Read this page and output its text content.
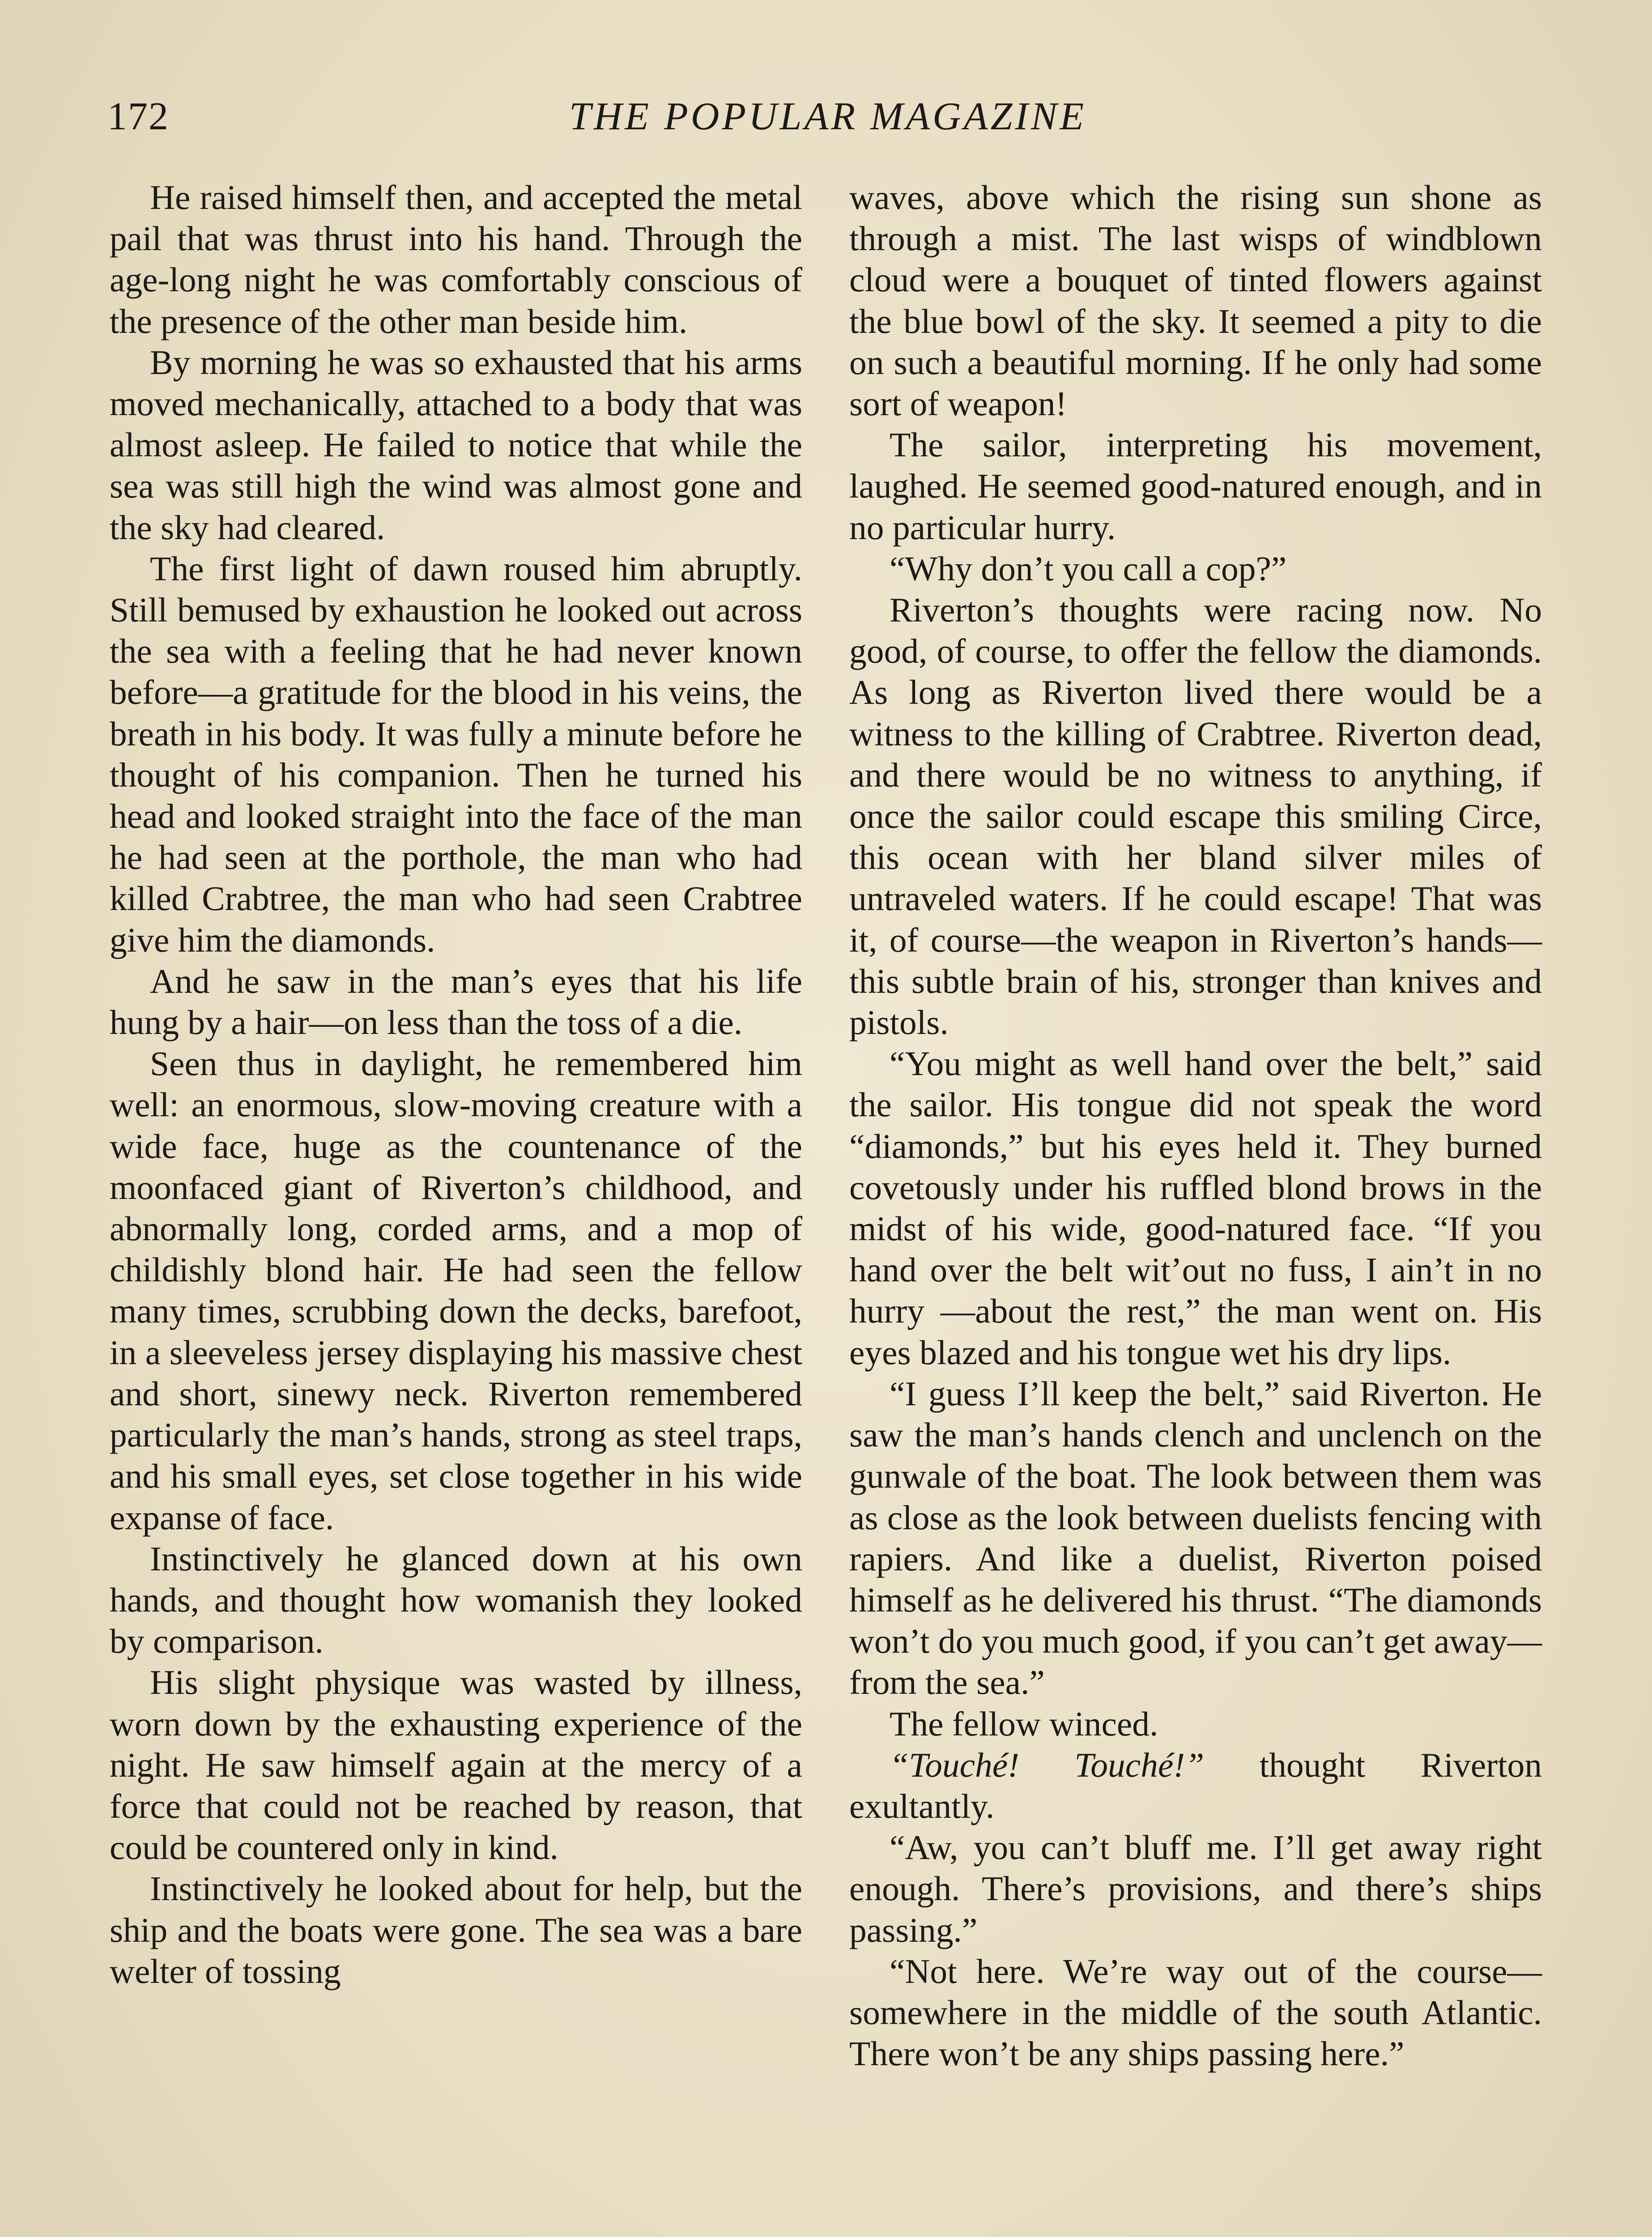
172	THE POPULAR MAGAZINE

He raised himself then, and accepted the metal pail that was thrust into his hand. Through the age-long night he was comfortably conscious of the presence of the other man beside him.

By morning he was so exhausted that his arms moved mechanically, attached to a body that was almost asleep. He failed to notice that while the sea was still high the wind was almost gone and the sky had cleared.

The first light of dawn roused him abruptly. Still bemused by exhaustion he looked out across the sea with a feeling that he had never known before—a gratitude for the blood in his veins, the breath in his body. It was fully a minute before he thought of his companion. Then he turned his head and looked straight into the face of the man he had seen at the porthole, the man who had killed Crabtree, the man who had seen Crabtree give him the diamonds.

And he saw in the man’s eyes that his life hung by a hair—on less than the toss of a die.

Seen thus in daylight, he remembered him well: an enormous, slow-moving creature with a wide face, huge as the countenance of the moonfaced giant of Riverton’s childhood, and abnormally long, corded arms, and a mop of childishly blond hair. He had seen the fellow many times, scrubbing down the decks, barefoot, in a sleeveless jersey displaying his massive chest and short, sinewy neck. Riverton remembered particularly the man’s hands, strong as steel traps, and his small eyes, set close together in his wide expanse of face.

Instinctively he glanced down at his own hands, and thought how womanish they looked by comparison.

His slight physique was wasted by illness, worn down by the exhausting experience of the night. He saw himself again at the mercy of a force that could not be reached by reason, that could be countered only in kind.

Instinctively he looked about for help, but the ship and the boats were gone. The sea was a bare welter of tossing

waves, above which the rising sun shone as through a mist. The last wisps of windblown cloud were a bouquet of tinted flowers against the blue bowl of the sky. It seemed a pity to die on such a beautiful morning. If he only had some sort of weapon!

The sailor, interpreting his movement, laughed. He seemed good-natured enough, and in no particular hurry.

“Why don’t you call a cop?”

Riverton’s thoughts were racing now. No good, of course, to offer the fellow the diamonds. As long as Riverton lived there would be a witness to the killing of Crabtree. Riverton dead, and there would be no witness to anything, if once the sailor could escape this smiling Circe, this ocean with her bland silver miles of untraveled waters. If he could escape! That was it, of course—the weapon in Riverton’s hands—this subtle brain of his, stronger than knives and pistols.

“You might as well hand over the belt,” said the sailor. His tongue did not speak the word “diamonds,” but his eyes held it. They burned covetously under his ruffled blond brows in the midst of his wide, good-natured face. “If you hand over the belt wit’out no fuss, I ain’t in no hurry —about the rest,” the man went on. His eyes blazed and his tongue wet his dry lips.

“I guess I’ll keep the belt,” said Riverton. He saw the man’s hands clench and unclench on the gunwale of the boat. The look between them was as close as the look between duelists fencing with rapiers. And like a duelist, Riverton poised himself as he delivered his thrust. “The diamonds won’t do you much good, if you can’t get away—from the sea.”

The fellow winced.

“Touché! Touché!” thought Riverton exultantly.

“Aw, you can’t bluff me. I’ll get away right enough. There’s provisions, and there’s ships passing.”

“Not here. We’re way out of the course—somewhere in the middle of the south Atlantic. There won’t be any ships passing here.”
